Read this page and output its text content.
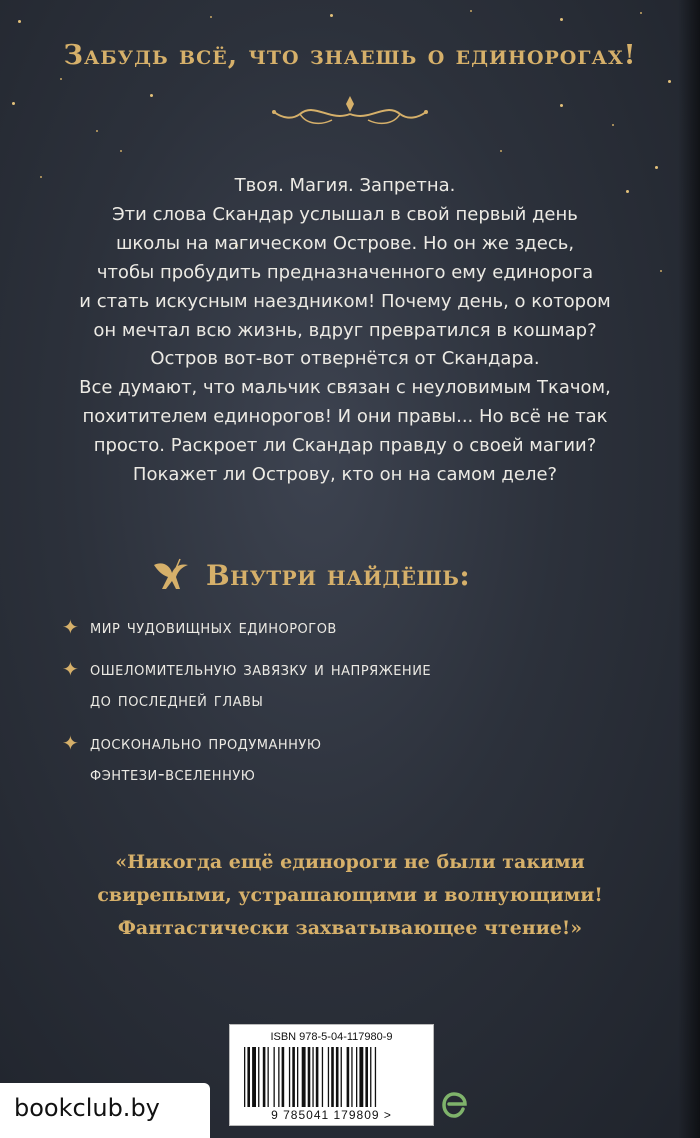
Забудь всё, что знаешь о единорогах!
Твоя. Магия. Запретна.
Эти слова Скандар услышал в свой первый день
школы на магическом Острове. Но он же здесь,
чтобы пробудить предназначенного ему единорога
и стать искусным наездником! Почему день, о котором
он мечтал всю жизнь, вдруг превратился в кошмар?
Остров вот-вот отвернётся от Скандара.
Все думают, что мальчик связан с неуловимым Ткачом,
похитителем единорогов! И они правы... Но всё не так
просто. Раскроет ли Скандар правду о своей магии?
Покажет ли Острову, кто он на самом деле?
Внутри найдёшь:
✦ мир чудовищных единорогов
✦ ошеломительную завязку и напряжение
до последней главы
✦ досконально продуманную
фэнтези-вселенную
«Никогда ещё единороги не были такими
свирепыми, устрашающими и волнующими!
Фантастически захватывающее чтение!»
ISBN 978-5-04-117980-9
9 785041 179809 >
bookclub.by
